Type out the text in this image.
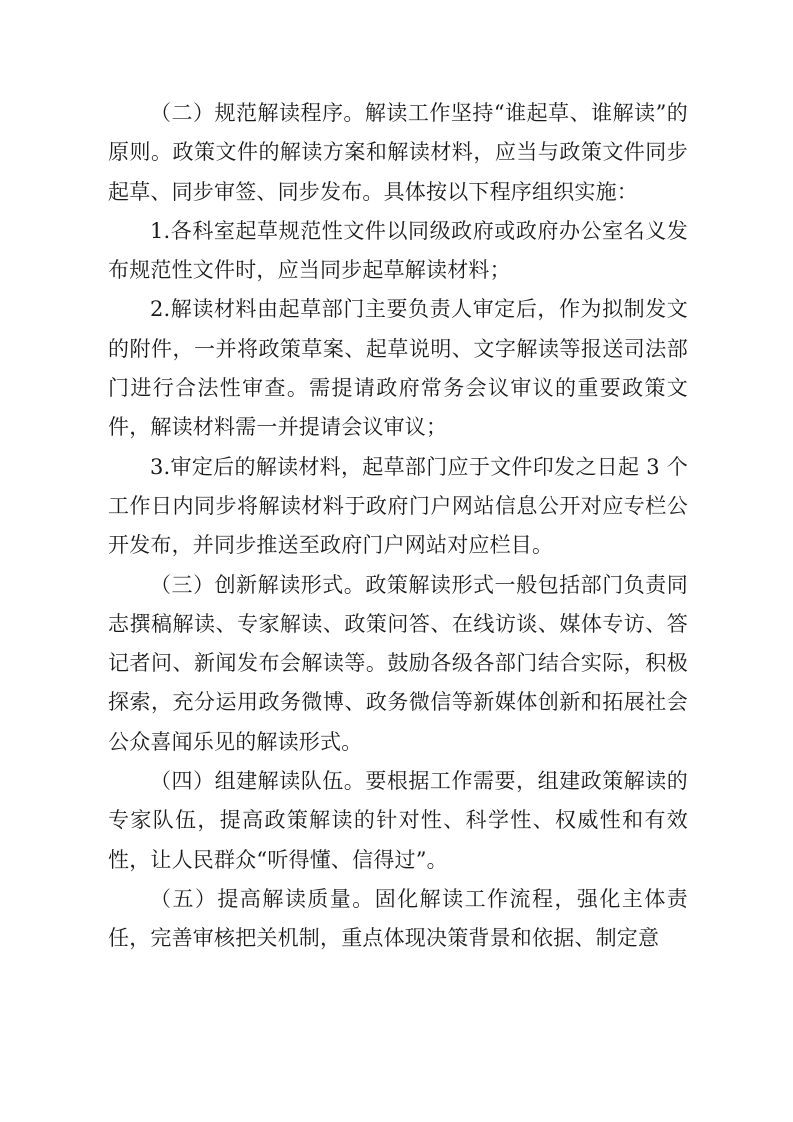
（二）规范解读程序。解读工作坚持“谁起草、谁解读”的原则。政策文件的解读方案和解读材料，应当与政策文件同步起草、同步审签、同步发布。具体按以下程序组织实施：

1.各科室起草规范性文件以同级政府或政府办公室名义发布规范性文件时，应当同步起草解读材料；

2.解读材料由起草部门主要负责人审定后，作为拟制发文的附件，一并将政策草案、起草说明、文字解读等报送司法部门进行合法性审查。需提请政府常务会议审议的重要政策文件，解读材料需一并提请会议审议；

3.审定后的解读材料，起草部门应于文件印发之日起 3 个工作日内同步将解读材料于政府门户网站信息公开对应专栏公开发布，并同步推送至政府门户网站对应栏目。

（三）创新解读形式。政策解读形式一般包括部门负责同志撰稿解读、专家解读、政策问答、在线访谈、媒体专访、答记者问、新闻发布会解读等。鼓励各级各部门结合实际，积极探索，充分运用政务微博、政务微信等新媒体创新和拓展社会公众喜闻乐见的解读形式。

（四）组建解读队伍。要根据工作需要，组建政策解读的专家队伍，提高政策解读的针对性、科学性、权威性和有效性，让人民群众“听得懂、信得过”。

（五）提高解读质量。固化解读工作流程，强化主体责任，完善审核把关机制，重点体现决策背景和依据、制定意
